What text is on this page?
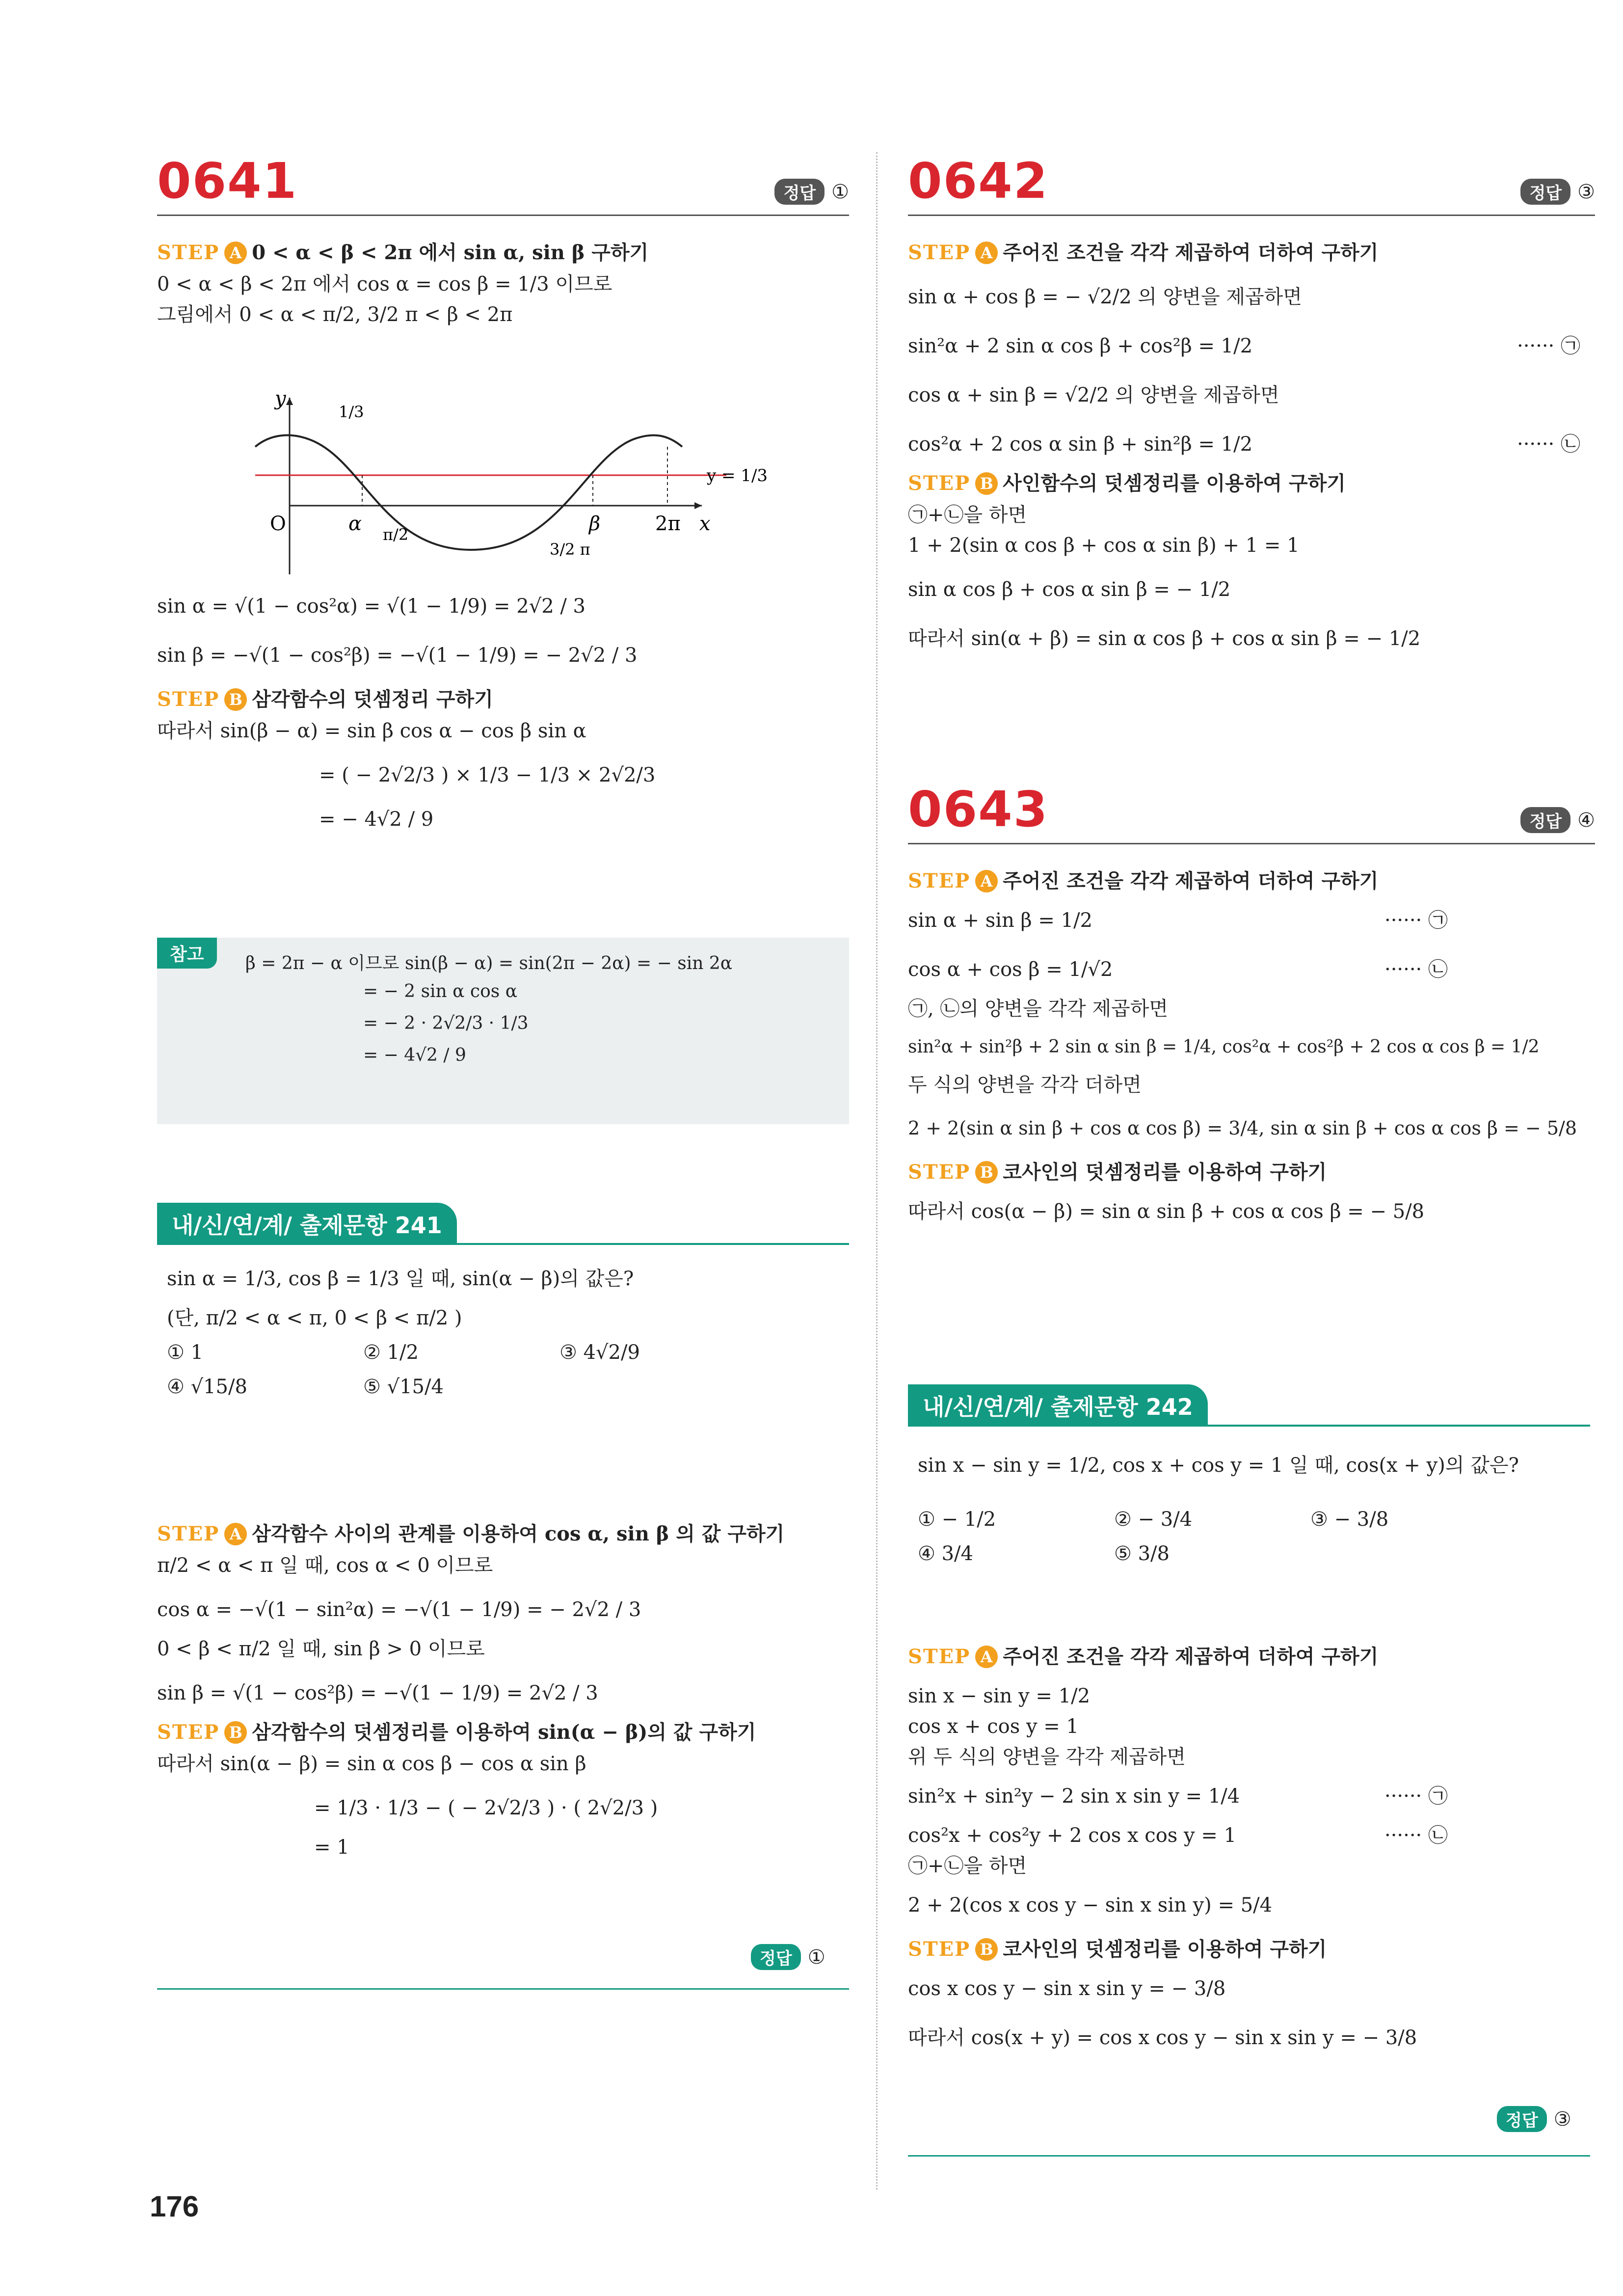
0641	정답 ①
STEP A 0 < α < β < 2π 에서 sin α, sin β 구하기
0 < α < β < 2π 에서 cos α = cos β = 1/3 이므로
그림에서 0 < α < π/2, 3/2 π < β < 2π
y
O	x
α π/2	β
3/2 π
2π
1/3
y = 1/3
sin α = √(1 − cos²α) = √(1 − 1/9) = 2√2 / 3
sin β = −√(1 − cos²β) = −√(1 − 1/9) = − 2√2 / 3
STEP B 삼각함수의 덧셈정리 구하기
따라서 sin(β − α) = sin β cos α − cos β sin α
= ( − 2√2/3 ) × 1/3 − 1/3 × 2√2/3
= − 4√2 / 9
참고	β = 2π − α 이므로 sin(β − α) = sin(2π − 2α) = − sin 2α
= − 2 sin α cos α
= − 2 · 2√2/3 · 1/3
= − 4√2 / 9
내/신/연/계/ 출제문항 241
sin α = 1/3, cos β = 1/3 일 때, sin(α − β)의 값은?
(단, π/2 < α < π, 0 < β < π/2 )
① 1	② 1/2	③ 4√2/9
④ √15/8	⑤ √15/4
STEP A 삼각함수 사이의 관계를 이용하여 cos α, sin β 의 값 구하기
π/2 < α < π 일 때, cos α < 0 이므로
cos α = −√(1 − sin²α) = −√(1 − 1/9) = − 2√2 / 3
0 < β < π/2 일 때, sin β > 0 이므로
sin β = √(1 − cos²β) = −√(1 − 1/9) = 2√2 / 3
STEP B 삼각함수의 덧셈정리를 이용하여 sin(α − β)의 값 구하기
따라서 sin(α − β) = sin α cos β − cos α sin β
= 1/3 · 1/3 − ( − 2√2/3 ) · ( 2√2/3 )
= 1
정답 ①
176
0642	정답 ③
STEP A 주어진 조건을 각각 제곱하여 더하여 구하기
sin α + cos β = − √2/2 의 양변을 제곱하면
sin²α + 2 sin α cos β + cos²β = 1/2	······ ㉠
cos α + sin β = √2/2 의 양변을 제곱하면
cos²α + 2 cos α sin β + sin²β = 1/2	······ ㉡
STEP B 사인함수의 덧셈정리를 이용하여 구하기
㉠+㉡을 하면
1 + 2(sin α cos β + cos α sin β) + 1 = 1
sin α cos β + cos α sin β = − 1/2
따라서 sin(α + β) = sin α cos β + cos α sin β = − 1/2
0643	정답 ④
STEP A 주어진 조건을 각각 제곱하여 더하여 구하기
sin α + sin β = 1/2	······ ㉠
cos α + cos β = 1/√2	······ ㉡
㉠, ㉡의 양변을 각각 제곱하면
sin²α + sin²β + 2 sin α sin β = 1/4, cos²α + cos²β + 2 cos α cos β = 1/2
두 식의 양변을 각각 더하면
2 + 2(sin α sin β + cos α cos β) = 3/4, sin α sin β + cos α cos β = − 5/8
STEP B 코사인의 덧셈정리를 이용하여 구하기
따라서 cos(α − β) = sin α sin β + cos α cos β = − 5/8
내/신/연/계/ 출제문항 242
sin x − sin y = 1/2, cos x + cos y = 1 일 때, cos(x + y)의 값은?
① − 1/2	② − 3/4	③ − 3/8
④ 3/4	⑤ 3/8
STEP A 주어진 조건을 각각 제곱하여 더하여 구하기
sin x − sin y = 1/2
cos x + cos y = 1
위 두 식의 양변을 각각 제곱하면
sin²x + sin²y − 2 sin x sin y = 1/4	······ ㉠
cos²x + cos²y + 2 cos x cos y = 1	······ ㉡
㉠+㉡을 하면
2 + 2(cos x cos y − sin x sin y) = 5/4
STEP B 코사인의 덧셈정리를 이용하여 구하기
cos x cos y − sin x sin y = − 3/8
따라서 cos(x + y) = cos x cos y − sin x sin y = − 3/8
정답 ③
